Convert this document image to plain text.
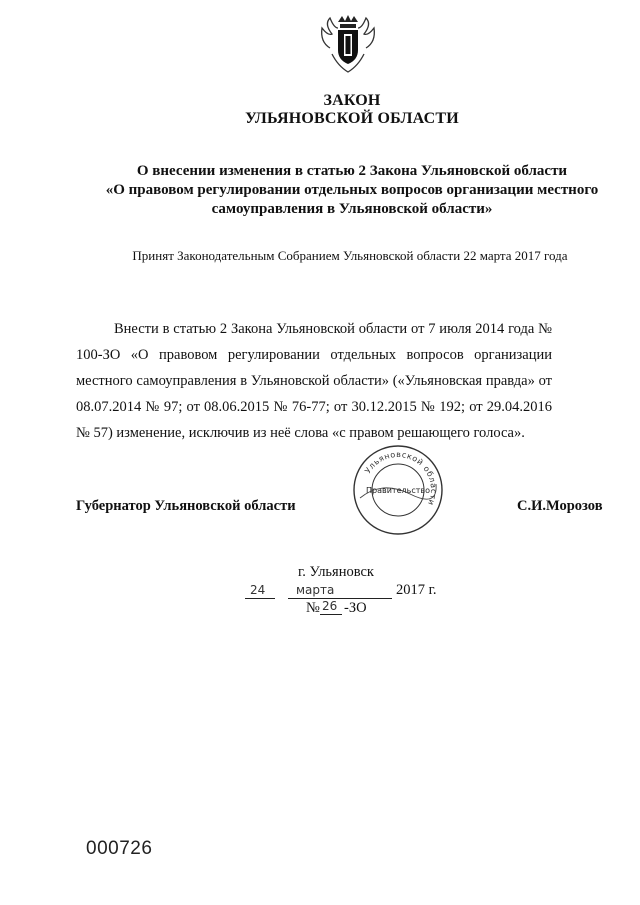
ЗАКОН
УЛЬЯНОВСКОЙ ОБЛАСТИ
О внесении изменения в статью 2 Закона Ульяновской области
«О правовом регулировании отдельных вопросов организации местного
самоуправления в Ульяновской области»
Принят Законодательным Собранием Ульяновской области 22 марта 2017 года
Внести в статью 2 Закона Ульяновской области от 7 июля 2014 года № 100-ЗО «О правовом регулировании отдельных вопросов организации местного самоуправления в Ульяновской области» («Ульяновская правда» от 08.07.2014 № 97; от 08.06.2015 № 76-77; от 30.12.2015 № 192; от 29.04.2016 № 57) изменение, исключив из неё слова «с правом решающего голоса».
Губернатор Ульяновской области
Ульяновской области
Правительство
С.И.Морозов
г. Ульяновск
24	марта	2017 г.
№ 26 -ЗО
000726
